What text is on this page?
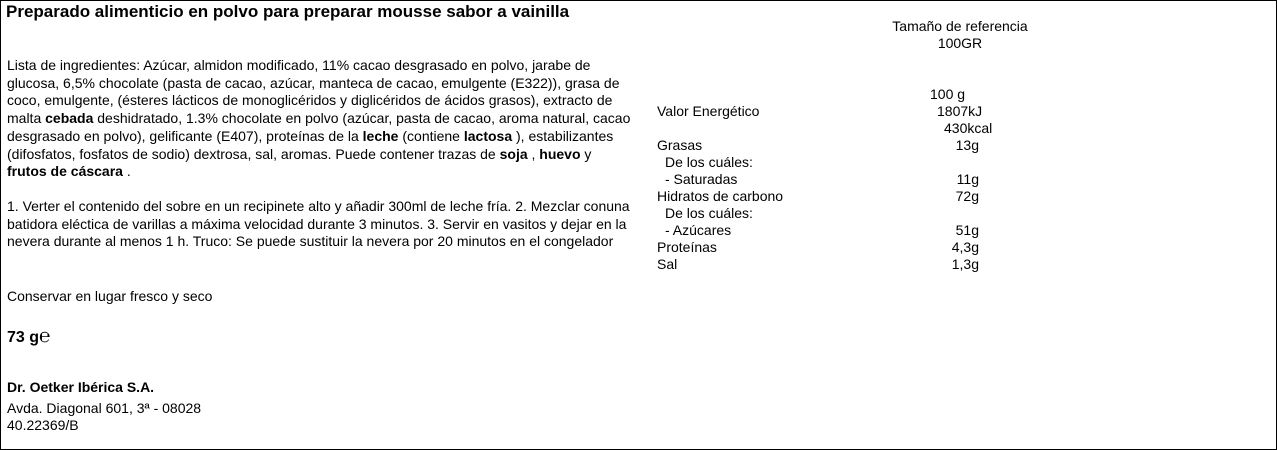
Preparado alimenticio en polvo para preparar mousse sabor a vainilla
Lista de ingredientes: Azúcar, almidon modificado, 11% cacao desgrasado en polvo, jarabe de glucosa, 6,5% chocolate (pasta de cacao, azúcar, manteca de cacao, emulgente (E322)), grasa de coco, emulgente, (ésteres lácticos de monoglicéridos y diglicéridos de ácidos grasos), extracto de malta cebada deshidratado, 1.3% chocolate en polvo (azúcar, pasta de cacao, aroma natural, cacao desgrasado en polvo), gelificante (E407), proteínas de la leche (contiene lactosa ), estabilizantes (difosfatos, fosfatos de sodio) dextrosa, sal, aromas. Puede contener trazas de soja , huevo y frutos de cáscara .
1. Verter el contenido del sobre en un recipinete alto y añadir 300ml de leche fría. 2. Mezclar conuna batidora eléctica de varillas a máxima velocidad durante 3 minutos. 3. Servir en vasitos y dejar en la nevera durante al menos 1 h. Truco: Se puede sustituir la nevera por 20 minutos en el congelador
Conservar en lugar fresco y seco
73 g℮
Dr. Oetker Ibérica S.A.
Avda. Diagonal 601, 3ª - 08028
40.22369/B
Tamaño de referencia
100GR
100 g
Valor Energético	1807kJ
430kcal
Grasas	13g
De los cuáles:
- Saturadas	11g
Hidratos de carbono	72g
De los cuáles:
- Azúcares	51g
Proteínas	4,3g
Sal	1,3g
